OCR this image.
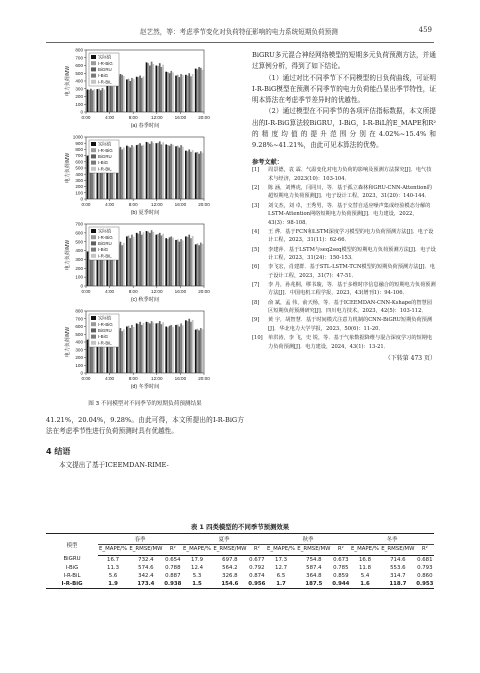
赵艺然，等：考虑季节变化对负荷特征影响的电力系统短期负荷预测	459
0
100
200
300
400
500
600
700
800
电力负荷/MW
0:00	4:00	8:00	12:00	16:00	20:00
(a) 春季时间
实际值
I-R-BiG
BiGRU
I-BiG
I-R-BiL
0
100
200
300
400
500
600
700
800
900
1000
电力负荷/MW
0:00	4:00	8:00	12:00	16:00	20:00
(b) 夏季时间
实际值
I-R-BiG
BiGRU
I-BiG
I-R-BiL
0
100
200
300
400
500
600
700
电力负荷/MW
0:00	4:00	8:00	12:00	16:00	20:00
(c) 秋季时间
实际值
I-R-BiG
BiGRU
I-BiG
I-R-BiL
0
100
200
300
400
500
600
700
800
电力负荷/MW
0:00	4:00	8:00	12:00	16:00	20:00
(d) 冬季时间
实际值
I-R-BiG
BiGRU
I-BiG
I-R-BiL
图 3 不同模型对不同季节的短期负荷预测结果

41.21%，20.04%，9.28%。由此可得，本文所提出的I-R-BiG方法在考虑季节性进行负荷预测时具有优越性。

4 结语

本文提出了基于ICEEMDAN-RIME-

BiGRU多元混合神经网络模型的短期多元负荷预测方法，并通过算例分析，得到了如下结论。

（1）通过对比不同季节下不同模型的日负荷曲线，可证明I-R-BiG模型在预测不同季节的电力负荷能凸显出季节特性，证明本算法在考虑季节差异时的优越性。

（2）通过模型在不同季节的各项评估指标数据，本文所提出的I-R-BiG算法较BiGRU，I-BiG，I-R-BiL的E_MAPE和R²的精度均值的提升范围分别在4.02%~15.4%和9.28%~41.21%，由此可见本算法的优势。

参考文献：
[1]	周景德，袁 霖．气温变化对电力负荷的影响及预测方法探究[J]．电气技术与经济，2023(10)：103-104．
[2]	陈 涵，刘博虎，闫同川，等．基于孤立森林和GRU-CNN-Attention的超短期电力负荷预测[J]．电子设计工程，2023，31(20)：140-144．
[3]	刘文杰，刘 卓，王秀男，等．基于交替自适应噪声集成经验模态分解的LSTM-Attention网络短期电力负荷预测[J]．电力建设，2022，43(3)：98-108．
[4]	王 烨．基于FCN和LSTM深度学习模型的电力负荷预测方法[J]．电子设计工程，2023，31(11)：62-66．
[5]	李建萍．基于LSTM与seq2seq模型的短期电力负荷预测方法[J]．电子设计工程，2023，31(24)：150-153．
[6]	李飞宏，肖建群．基于STL-LSTM-TCN模型的短期负荷预测方法[J]．电子设计工程，2023，31(7)：47-51．
[7]	李 丹，孙兆桐，缪书璇，等．基于多维时序信息融合的短期电力负荷预测方法[J]．中国电机工程学报，2023，43(增刊1)：94-106．
[8]	俞 斌，孟 伟，俞天杨，等．基于ICEEMDAN-CNN-Kshape的智慧园区短期负荷预测研究[J]．四川电力技术，2023，42(5)：103-112．
[9]	黄 宇，胡智慧．基于时间模式注意力机制的CNN-BiGRU短期负荷预测[J]．华北电力大学学报，2023，50(6)：11-20．
[10]	单洪涛，李 飞，史 锐，等．基于气象数据降维与混合深度学习的短期电力负荷预测[J]．电力建设，2024，43(1)：13-21．
（下转第 473 页）
表 1 四类模型的不同季节预测效果
模型	春季			夏季			秋季			冬季		
	E_MAPE/%	E_RMSE/MW	R²	E_MAPE/%	E_RMSE/MW	R²	E_MAPE/%	E_RMSE/MW	R²	E_MAPE/%	E_RMSE/MW	R²
BiGRU	16.7	732.4	0.654	17.9	697.8	0.677	17.3	754.8	0.673	16.8	714.6	0.681
I-BiG	11.3	574.6	0.788	12.4	564.2	0.792	12.7	587.4	0.785	11.8	553.6	0.793
I-R-BiL	5.6	342.4	0.887	5.3	326.8	0.874	6.5	364.8	0.859	5.4	314.7	0.860
I-R-BiG	1.9	173.4	0.938	1.5	154.6	0.956	1.7	187.5	0.944	1.6	118.7	0.953
